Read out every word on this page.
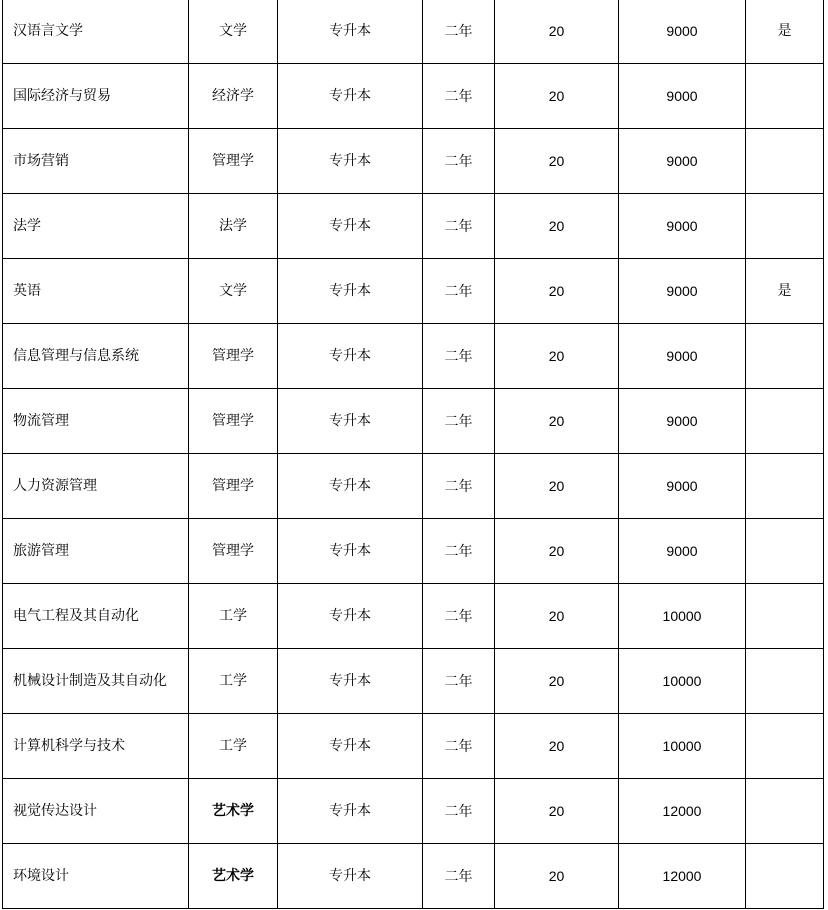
汉语言文学	文学	专升本	二年	20	9000	是
国际经济与贸易	经济学	专升本	二年	20	9000	
市场营销	管理学	专升本	二年	20	9000	
法学	法学	专升本	二年	20	9000	
英语	文学	专升本	二年	20	9000	是
信息管理与信息系统	管理学	专升本	二年	20	9000	
物流管理	管理学	专升本	二年	20	9000	
人力资源管理	管理学	专升本	二年	20	9000	
旅游管理	管理学	专升本	二年	20	9000	
电气工程及其自动化	工学	专升本	二年	20	10000	
机械设计制造及其自动化	工学	专升本	二年	20	10000	
计算机科学与技术	工学	专升本	二年	20	10000	
视觉传达设计	艺术学	专升本	二年	20	12000	
环境设计	艺术学	专升本	二年	20	12000	
